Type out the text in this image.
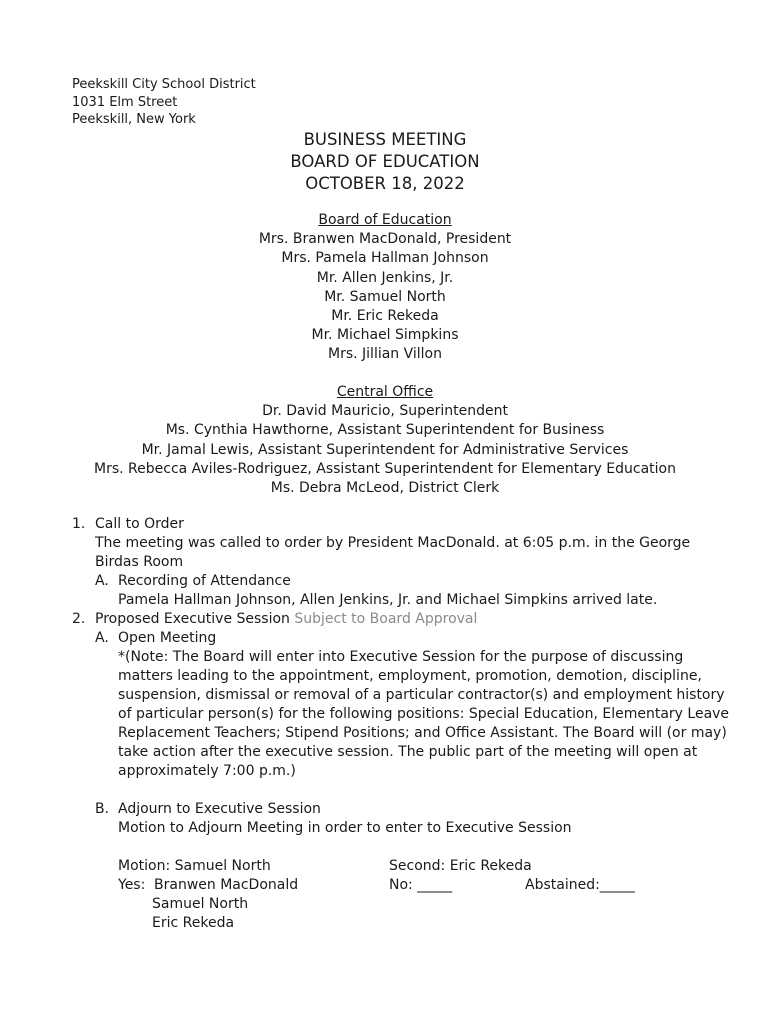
Peekskill City School District
1031 Elm Street
Peekskill, New York
BUSINESS MEETING
BOARD OF EDUCATION
OCTOBER 18, 2022
Board of Education
Mrs. Branwen MacDonald, President
Mrs. Pamela Hallman Johnson
Mr. Allen Jenkins, Jr.
Mr. Samuel North
Mr. Eric Rekeda
Mr. Michael Simpkins
Mrs. Jillian Villon
Central Office
Dr. David Mauricio, Superintendent
Ms. Cynthia Hawthorne, Assistant Superintendent for Business
Mr. Jamal Lewis, Assistant Superintendent for Administrative Services
Mrs. Rebecca Aviles-Rodriguez, Assistant Superintendent for Elementary Education
Ms. Debra McLeod, District Clerk
1. Call to Order
The meeting was called to order by President MacDonald. at 6:05 p.m. in the George Birdas Room
A. Recording of Attendance
Pamela Hallman Johnson, Allen Jenkins, Jr. and Michael Simpkins arrived late.
2. Proposed Executive Session Subject to Board Approval
A. Open Meeting
*(Note: The Board will enter into Executive Session for the purpose of discussing matters leading to the appointment, employment, promotion, demotion, discipline, suspension, dismissal or removal of a particular contractor(s) and employment history of particular person(s) for the following positions: Special Education, Elementary Leave Replacement Teachers; Stipend Positions; and Office Assistant. The Board will (or may) take action after the executive session. The public part of the meeting will open at approximately 7:00 p.m.)
B. Adjourn to Executive Session
Motion to Adjourn Meeting in order to enter to Executive Session
Motion: Samuel North	Second: Eric Rekeda
Yes: Branwen MacDonald	No: _____	Abstained:_____
Samuel North
Eric Rekeda
